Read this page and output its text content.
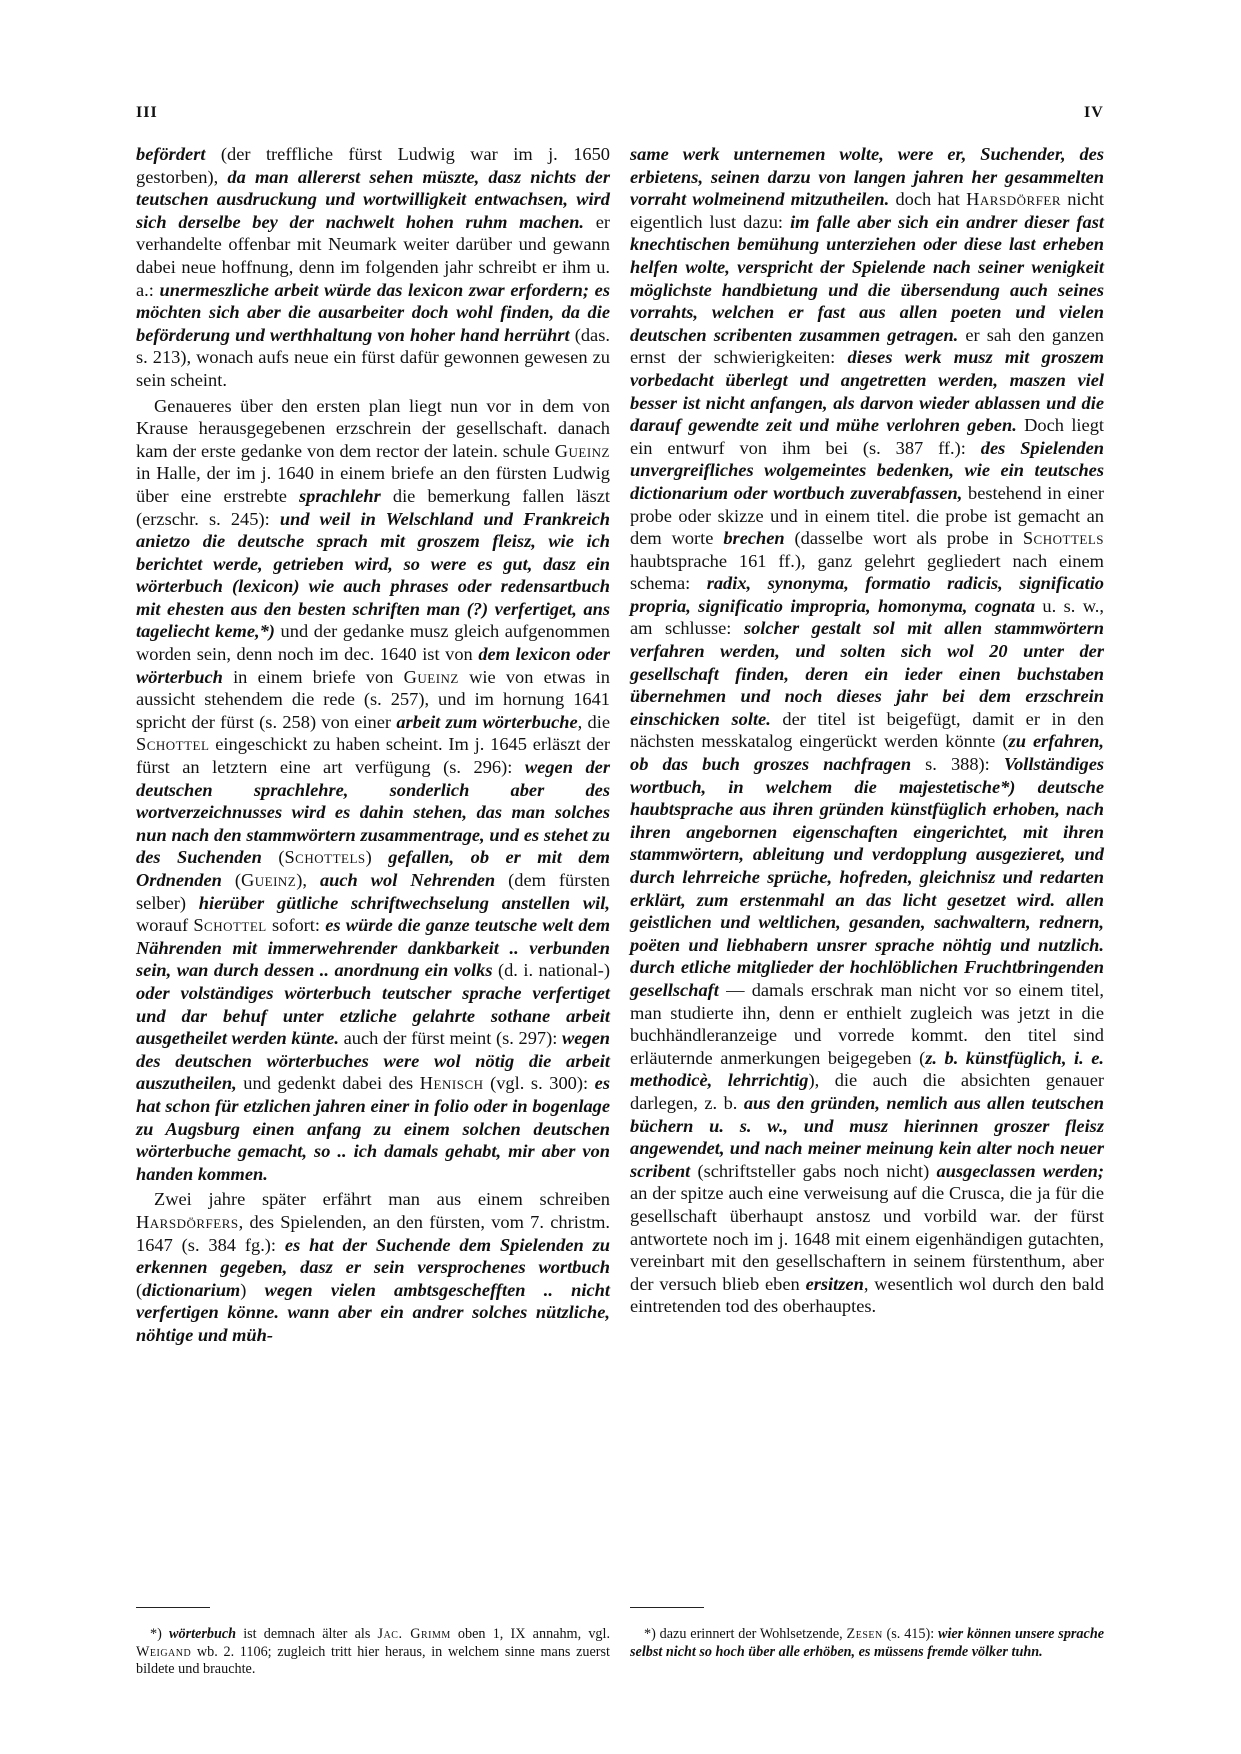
III	IV

befördert (der treffliche fürst Ludwig war im j. 1650 gestorben), da man allererst sehen müszte, dasz nichts der teutschen ausdruckung und wortwilligkeit entwachsen, wird sich derselbe bey der nachwelt hohen ruhm machen. er verhandelte offenbar mit Neumark weiter darüber und gewann dabei neue hoffnung, denn im folgenden jahr schreibt er ihm u. a.: unermeszliche arbeit würde das lexicon zwar erfordern; es möchten sich aber die ausarbeiter doch wohl finden, da die beförderung und werthhaltung von hoher hand herrührt (das. s. 213), wonach aufs neue ein fürst dafür gewonnen gewesen zu sein scheint.

Genaueres über den ersten plan liegt nun vor in dem von Krause herausgegebenen erzschrein der gesellschaft. danach kam der erste gedanke von dem rector der latein. schule Gueinz in Halle, der im j. 1640 in einem briefe an den fürsten Ludwig über eine erstrebte sprachlehr die bemerkung fallen läszt (erzschr. s. 245): und weil in Welschland und Frankreich anietzo die deutsche sprach mit groszem fleisz, wie ich berichtet werde, getrieben wird, so were es gut, dasz ein wörterbuch (lexicon) wie auch phrases oder redensartbuch mit ehesten aus den besten schriften man (?) verfertiget, ans tageliecht keme,*) und der gedanke musz gleich aufgenommen worden sein, denn noch im dec. 1640 ist von dem lexicon oder wörterbuch in einem briefe von Gueinz wie von etwas in aussicht stehendem die rede (s. 257), und im hornung 1641 spricht der fürst (s. 258) von einer arbeit zum wörterbuche, die Schottel eingeschickt zu haben scheint. Im j. 1645 erläszt der fürst an letztern eine art verfügung (s. 296): wegen der deutschen sprachlehre, sonderlich aber des wortverzeichnusses wird es dahin stehen, das man solches nun nach den stammwörtern zusammentrage, und es stehet zu des Suchenden (Schottels) gefallen, ob er mit dem Ordnenden (Gueinz), auch wol Nehrenden (dem fürsten selber) hierüber gütliche schriftwechselung anstellen wil, worauf Schottel sofort: es würde die ganze teutsche welt dem Nährenden mit immerwehrender dankbarkeit .. verbunden sein, wan durch dessen .. anordnung ein volks (d. i. national-) oder volständiges wörterbuch teutscher sprache verfertiget und dar behuf unter etzliche gelahrte sothane arbeit ausgetheilet werden künte. auch der fürst meint (s. 297): wegen des deutschen wörterbuches were wol nötig die arbeit auszutheilen, und gedenkt dabei des Henisch (vgl. s. 300): es hat schon für etzlichen jahren einer in folio oder in bogenlage zu Augsburg einen anfang zu einem solchen deutschen wörterbuche gemacht, so .. ich damals gehabt, mir aber von handen kommen.

Zwei jahre später erfährt man aus einem schreiben Harsdörfers, des Spielenden, an den fürsten, vom 7. christm. 1647 (s. 384 fg.): es hat der Suchende dem Spielenden zu erkennen gegeben, dasz er sein versprochenes wortbuch (dictionarium) wegen vielen ambtsgeschefften .. nicht verfertigen könne. wann aber ein andrer solches nützliche, nöhtige und müh-

same werk unternemen wolte, were er, Suchender, des erbietens, seinen darzu von langen jahren her gesammelten vorraht wolmeinend mitzutheilen. doch hat Harsdörfer nicht eigentlich lust dazu: im falle aber sich ein andrer dieser fast knechtischen bemühung unterziehen oder diese last erheben helfen wolte, verspricht der Spielende nach seiner wenigkeit möglichste handbietung und die übersendung auch seines vorrahts, welchen er fast aus allen poeten und vielen deutschen scribenten zusammen getragen. er sah den ganzen ernst der schwierigkeiten: dieses werk musz mit groszem vorbedacht überlegt und angetretten werden, maszen viel besser ist nicht anfangen, als darvon wieder ablassen und die darauf gewendte zeit und mühe verlohren geben. Doch liegt ein entwurf von ihm bei (s. 387 ff.): des Spielenden unvergreifliches wolgemeintes bedenken, wie ein teutsches dictionarium oder wortbuch zuverabfassen, bestehend in einer probe oder skizze und in einem titel. die probe ist gemacht an dem worte brechen (dasselbe wort als probe in Schottels haubtsprache 161 ff.), ganz gelehrt gegliedert nach einem schema: radix, synonyma, formatio radicis, significatio propria, significatio impropria, homonyma, cognata u. s. w., am schlusse: solcher gestalt sol mit allen stammwörtern verfahren werden, und solten sich wol 20 unter der gesellschaft finden, deren ein ieder einen buchstaben übernehmen und noch dieses jahr bei dem erzschrein einschicken solte. der titel ist beigefügt, damit er in den nächsten messkatalog eingerückt werden könnte (zu erfahren, ob das buch groszes nachfragen s. 388): Vollständiges wortbuch, in welchem die majestetische*) deutsche haubtsprache aus ihren gründen künstfüglich erhoben, nach ihren angebornen eigenschaften eingerichtet, mit ihren stammwörtern, ableitung und verdopplung ausgezieret, und durch lehrreiche sprüche, hofreden, gleichnisz und redarten erklärt, zum erstenmahl an das licht gesetzet wird. allen geistlichen und weltlichen, gesanden, sachwaltern, rednern, poëten und liebhabern unsrer sprache nöhtig und nutzlich. durch etliche mitglieder der hochlöblichen Fruchtbringenden gesellschaft — damals erschrak man nicht vor so einem titel, man studierte ihn, denn er enthielt zugleich was jetzt in die buchhändleranzeige und vorrede kommt. den titel sind erläuternde anmerkungen beigegeben (z. b. künstfüglich, i. e. methodicè, lehrrichtig), die auch die absichten genauer darlegen, z. b. aus den gründen, nemlich aus allen teutschen büchern u. s. w., und musz hierinnen groszer fleisz angewendet, und nach meiner meinung kein alter noch neuer scribent (schriftsteller gabs noch nicht) ausgeclassen werden; an der spitze auch eine verweisung auf die Crusca, die ja für die gesellschaft überhaupt anstosz und vorbild war. der fürst antwortete noch im j. 1648 mit einem eigenhändigen gutachten, vereinbart mit den gesellschaftern in seinem fürstenthum, aber der versuch blieb eben ersitzen, wesentlich wol durch den bald eintretenden tod des oberhauptes.

*) wörterbuch ist demnach älter als Jac. Grimm oben 1, IX annahm, vgl. Weigand wb. 2. 1106; zugleich tritt hier heraus, in welchem sinne mans zuerst bildete und brauchte.

*) dazu erinnert der Wohlsetzende, Zesen (s. 415): wier können unsere sprache selbst nicht so hoch über alle erhöben, es müssens fremde völker tuhn.
